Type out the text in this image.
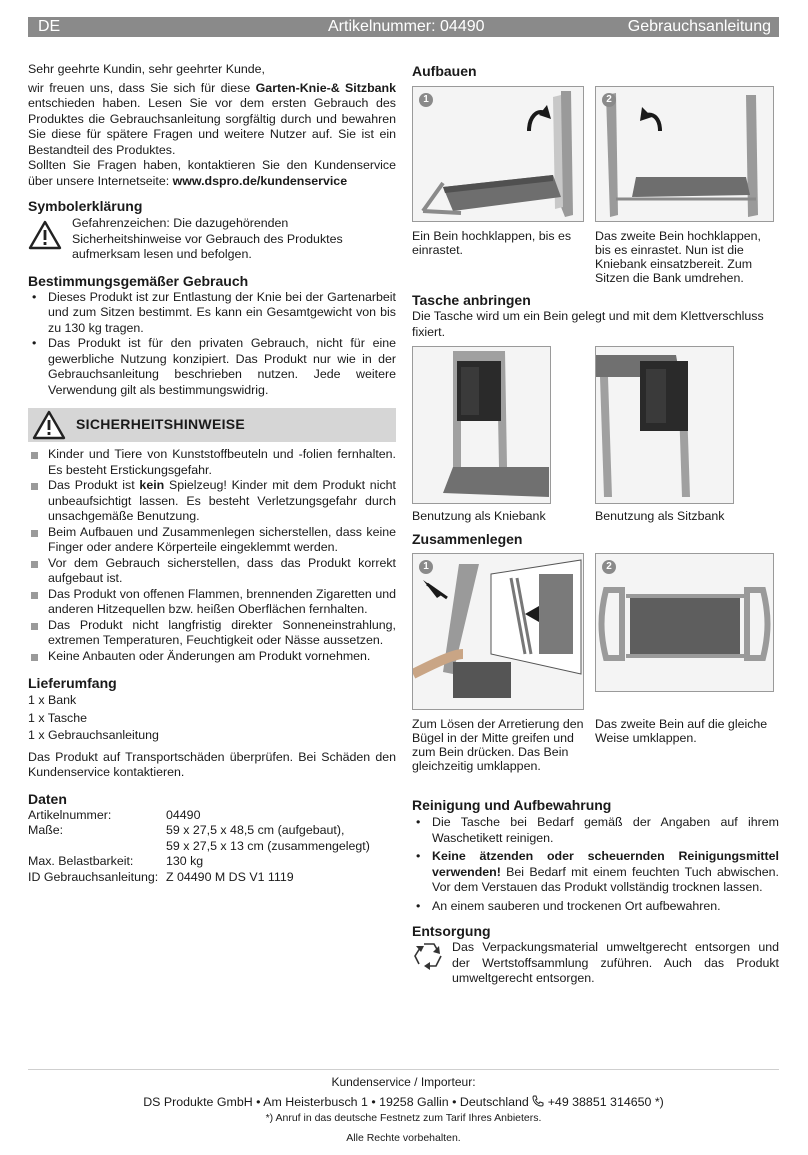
DE	Artikelnummer: 04490	Gebrauchsanleitung

Sehr geehrte Kundin, sehr geehrter Kunde,

wir freuen uns, dass Sie sich für diese Garten-Knie-& Sitzbank entschieden haben. Lesen Sie vor dem ersten Gebrauch des Produktes die Gebrauchsanleitung sorgfältig durch und bewahren Sie diese für spätere Fragen und weitere Nutzer auf. Sie ist ein Bestandteil des Produktes.

Sollten Sie Fragen haben, kontaktieren Sie den Kundenservice über unsere Internetseite: www.dspro.de/kundenservice

Symbolerklärung

Gefahrenzeichen: Die dazugehörenden Sicherheitshinweise vor Gebrauch des Produktes aufmerksam lesen und befolgen.

Bestimmungsgemäßer Gebrauch
• Dieses Produkt ist zur Entlastung der Knie bei der Gartenarbeit und zum Sitzen bestimmt. Es kann ein Gesamtgewicht von bis zu 130 kg tragen.
• Das Produkt ist für den privaten Gebrauch, nicht für eine gewerbliche Nutzung konzipiert. Das Produkt nur wie in der Gebrauchsanleitung beschrieben nutzen. Jede weitere Verwendung gilt als bestimmungswidrig.
SICHERHEITSHINWEISE
Kinder und Tiere von Kunststoffbeuteln und -folien fernhalten. Es besteht Erstickungsgefahr.
Das Produkt ist kein Spielzeug! Kinder mit dem Produkt nicht unbeaufsichtigt lassen. Es besteht Verletzungsgefahr durch unsachgemäße Benutzung.
Beim Aufbauen und Zusammenlegen sicherstellen, dass keine Finger oder andere Körperteile eingeklemmt werden.
Vor dem Gebrauch sicherstellen, dass das Produkt korrekt aufgebaut ist.
Das Produkt von offenen Flammen, brennenden Zigaretten und anderen Hitzequellen bzw. heißen Oberflächen fernhalten.
Das Produkt nicht langfristig direkter Sonneneinstrahlung, extremen Temperaturen, Feuchtigkeit oder Nässe aussetzen.
Keine Anbauten oder Änderungen am Produkt vornehmen.
Lieferumfang

1 x Bank

1 x Tasche

1 x Gebrauchsanleitung

Das Produkt auf Transportschäden überprüfen. Bei Schäden den Kundenservice kontaktieren.

Daten
Artikelnummer:	04490
Maße:	59 x 27,5 x 48,5 cm (aufgebaut),
	59 x 27,5 x 13 cm (zusammengelegt)
Max. Belastbarkeit:	130 kg
ID Gebrauchsanleitung:	Z 04490 M DS V1 1119
Aufbauen
1	2
Ein Bein hochklappen, bis es einrastet.
Das zweite Bein hochklappen, bis es einrastet. Nun ist die Kniebank einsatzbereit. Zum Sitzen die Bank umdrehen.
Tasche anbringen

Die Tasche wird um ein Bein gelegt und mit dem Klettverschluss fixiert.

Benutzung als Kniebank	Benutzung als Sitzbank
Zusammenlegen
1	2
Zum Lösen der Arretierung den Bügel in der Mitte greifen und zum Bein drücken. Das Bein gleichzeitig umklappen.
Das zweite Bein auf die gleiche Weise umklappen.
Reinigung und Aufbewahrung
• Die Tasche bei Bedarf gemäß der Angaben auf ihrem Waschetikett reinigen.
• Keine ätzenden oder scheuernden Reinigungsmittel verwenden! Bei Bedarf mit einem feuchten Tuch abwischen. Vor dem Verstauen das Produkt vollständig trocknen lassen.
• An einem sauberen und trockenen Ort aufbewahren.
Entsorgung

Das Verpackungsmaterial umweltgerecht entsorgen und der Wertstoffsammlung zuführen. Auch das Produkt umweltgerecht entsorgen.

Kundenservice / Importeur:
DS Produkte GmbH • Am Heisterbusch 1 • 19258 Gallin • Deutschland  +49 38851 314650 *)
*) Anruf in das deutsche Festnetz zum Tarif Ihres Anbieters.
Alle Rechte vorbehalten.
